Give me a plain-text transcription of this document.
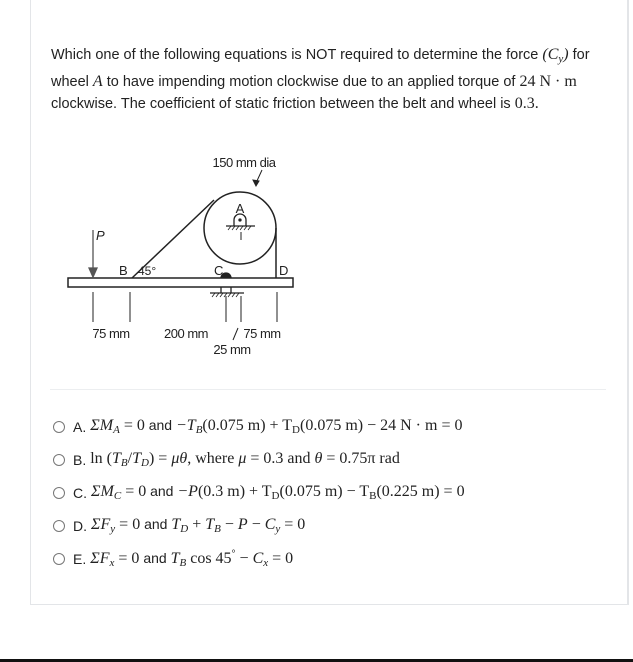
Which one of the following equations is NOT required to determine the force $(C_y)$ for wheel A to have impending motion clockwise due to an applied torque of 24 N · m clockwise. The coefficient of static friction between the belt and wheel is 0.3.
150 mm dia
A
P
B 45°	C	D
75 mm	200 mm	75 mm
25 mm
A. $\Sigma M_A = 0$ and $-T_B(0.075$ $m) + T_D(0.075$ m) − 24 N · m = 0
B. $\ln (T_B/T_D) = \mu\theta$, where μ = 0.3 and θ = 0.75π rad
C. $\Sigma M_C = 0$ and −P(0.3 $m) + T_D(0.075$ $m) - T_B(0.225$ m) = 0
D. $\Sigma F_y = 0$ and $T_D + T_B - P - C_y = 0$
E. $\Sigma F_x = 0$ and $T_B$ $\cos 45^\circ - C_x = 0$
